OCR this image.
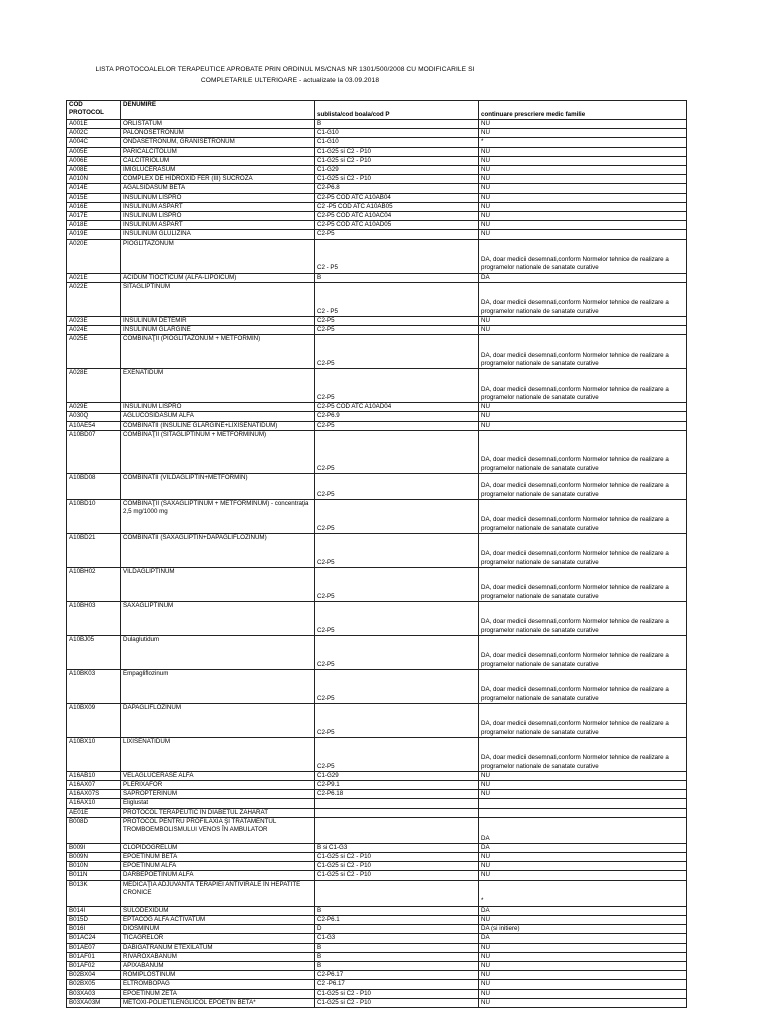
LISTA PROTOCOALELOR TERAPEUTICE APROBATE PRIN ORDINUL MS/CNAS NR 1301/500/2008 CU MODIFICARILE SI
COMPLETARILE ULTERIOARE - actualizate la 03.09.2018
COD PROTOCOL	DENUMIRE	sublista/cod boala/cod P	continuare prescriere medic familie
A001E	ORLISTATUM	B	NU
A002C	PALONOSETRONUM	C1-G10	NU
A004C	ONDASETRONUM, GRANISETRONUM	C1-G10	*
A005E	PARICALCITOLUM	C1-G25 si C2 - P10	NU
A006E	CALCITRIOLUM	C1-G25 si C2 - P10	NU
A008E	IMIGLUCERASUM	C1-G29	NU
A010N	COMPLEX DE HIDROXID FER (III) SUCROZĂ	C1-G25 si C2 - P10	NU
A014E	AGALSIDASUM BETA	C2-P6.8	NU
A015E	INSULINUM LISPRO	C2-P5 COD ATC A10AB04	NU
A016E	INSULINUM ASPART	C2 -P5 COD ATC A10AB05	NU
A017E	INSULINUM LISPRO	C2-P5 COD ATC A10AC04	NU
A018E	INSULINUM ASPART	C2-P5 COD ATC A10AD05	NU
A019E	INSULINUM GLULIZINA	C2-P5	NU
A020E	PIOGLITAZONUM	C2 - P5	DA, doar medicii desemnati,conform Normelor tehnice de realizare a programelor nationale de sanatate curative
A021E	ACIDUM TIOCTICUM (ALFA-LIPOICUM)	B	DA
A022E	SITAGLIPTINUM	C2 - P5	DA, doar medicii desemnati,conform Normelor tehnice de realizare a programelor nationale de sanatate curative
A023E	INSULINUM DETEMIR	C2-P5	NU
A024E	INSULINUM GLARGINE	C2-P5	NU
A025E	COMBINAŢII (PIOGLITAZONUM + METFORMIN)	C2-P5	DA, doar medicii desemnati,conform Normelor tehnice de realizare a programelor nationale de sanatate curative
A028E	EXENATIDUM	C2-P5	DA, doar medicii desemnati,conform Normelor tehnice de realizare a programelor nationale de sanatate curative
A029E	INSULINUM LISPRO	C2-P5 COD ATC A10AD04	NU
A030Q	AGLUCOSIDASUM ALFA	C2-P6.9	NU
A10AE54	COMBINATII (INSULINE GLARGINE+LIXISENATIDUM)	C2-P5	NU
A10BD07	COMBINAŢII (SITAGLIPTINUM + METFORMINUM)	C2-P5	DA, doar medicii desemnati,conform Normelor tehnice de realizare a programelor nationale de sanatate curative
A10BD08	COMBINATII (VILDAGLIPTIN+METFORMIN)	C2-P5	DA, doar medicii desemnati,conform Normelor tehnice de realizare a programelor nationale de sanatate curative
A10BD10	COMBINAŢII (SAXAGLIPTINUM + METFORMINUM) - concentraţia 2,5 mg/1000 mg	C2-P5	DA, doar medicii desemnati,conform Normelor tehnice de realizare a programelor nationale de sanatate curative
A10BD21	COMBINATII (SAXAGLIPTIN+DAPAGLIFLOZINUM)	C2-P5	DA, doar medicii desemnati,conform Normelor tehnice de realizare a programelor nationale de sanatate curative
A10BH02	VILDAGLIPTINUM	C2-P5	DA, doar medicii desemnati,conform Normelor tehnice de realizare a programelor nationale de sanatate curative
A10BH03	SAXAGLIPTINUM	C2-P5	DA, doar medicii desemnati,conform Normelor tehnice de realizare a programelor nationale de sanatate curative
A10BJ05	Dulaglutidum	C2-P5	DA, doar medicii desemnati,conform Normelor tehnice de realizare a programelor nationale de sanatate curative
A10BK03	Empagliflozinum	C2-P5	DA, doar medicii desemnati,conform Normelor tehnice de realizare a programelor nationale de sanatate curative
A10BX09	DAPAGLIFLOZINUM	C2-P5	DA, doar medicii desemnati,conform Normelor tehnice de realizare a programelor nationale de sanatate curative
A10BX10	LIXISENATIDUM	C2-P5	DA, doar medicii desemnati,conform Normelor tehnice de realizare a programelor nationale de sanatate curative
A16AB10	VELAGLUCERASE ALFA	C1-G29	NU
A16AX07	PLERIXAFOR	C2-P9.1	NU
A16AX07S	SAPROPTERINUM	C2-P6.18	NU
A16AX10	Eliglustat		
AE01E	PROTOCOL TERAPEUTIC ÎN DIABETUL ZAHARAT		
B008D	PROTOCOL PENTRU PROFILAXIA ŞI TRATAMENTUL TROMBOEMBOLISMULUI VENOS ÎN AMBULATOR		DA
B009I	CLOPIDOGRELUM	B si C1-G3	DA
B009N	EPOETINUM BETA	C1-G25 si C2 - P10	NU
B010N	EPOETINUM ALFA	C1-G25 si C2 - P10	NU
B011N	DARBEPOETINUM ALFA	C1-G25 si C2 - P10	NU
B013K	MEDICAŢIA ADJUVANTĂ TERAPIEI ANTIVIRALE ÎN HEPATITE CRONICE		*
B014I	SULODEXIDUM	B	DA
B015D	EPTACOG ALFA ACTIVATUM	C2-P6.1	NU
B016I	DIOSMINUM	D	DA (si initiere)
B01AC24	TICAGRELOR	C1-G3	DA
B01AE07	DABIGATRANUM ETEXILATUM	B	NU
B01AF01	RIVAROXABANUM	B	NU
B01AF02	APIXABANUM	B	NU
B02BX04	ROMIPLOSTINUM	C2-P6.17	NU
B02BX05	ELTROMBOPAG	C2 -P6.17	NU
B03XA03	EPOETINUM ZETA	C1-G25 si C2 - P10	NU
B03XA03M	METOXI-POLIETILENGLICOL EPOETIN BETA*	C1-G25 si C2 - P10	NU
